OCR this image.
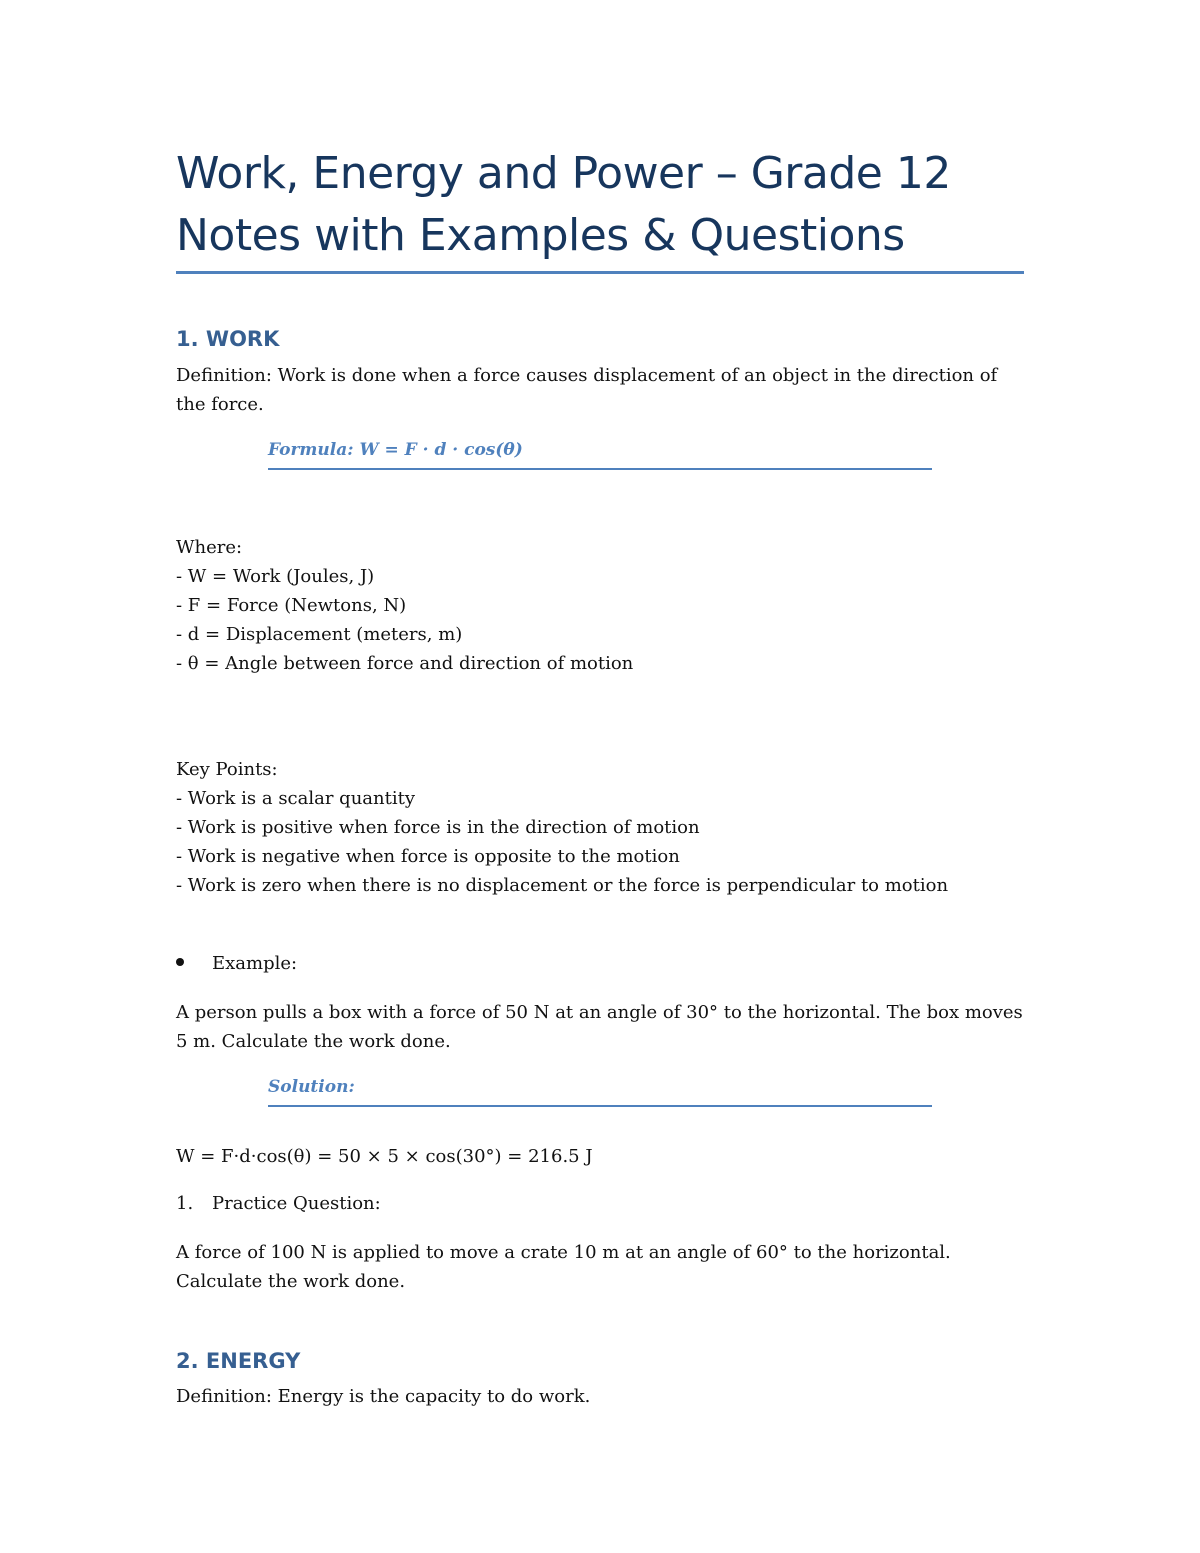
Work, Energy and Power – Grade 12
Notes with Examples & Questions
1. WORK
Definition: Work is done when a force causes displacement of an object in the direction of
the force.
Formula: W = F · d · cos(θ)
Where:
- W = Work (Joules, J)
- F = Force (Newtons, N)
- d = Displacement (meters, m)
- θ = Angle between force and direction of motion
Key Points:
- Work is a scalar quantity
- Work is positive when force is in the direction of motion
- Work is negative when force is opposite to the motion
- Work is zero when there is no displacement or the force is perpendicular to motion
Example:
A person pulls a box with a force of 50 N at an angle of 30° to the horizontal. The box moves
5 m. Calculate the work done.
Solution:
W = F·d·cos(θ) = 50 × 5 × cos(30°) = 216.5 J
1. Practice Question:
A force of 100 N is applied to move a crate 10 m at an angle of 60° to the horizontal.
Calculate the work done.
2. ENERGY
Definition: Energy is the capacity to do work.
